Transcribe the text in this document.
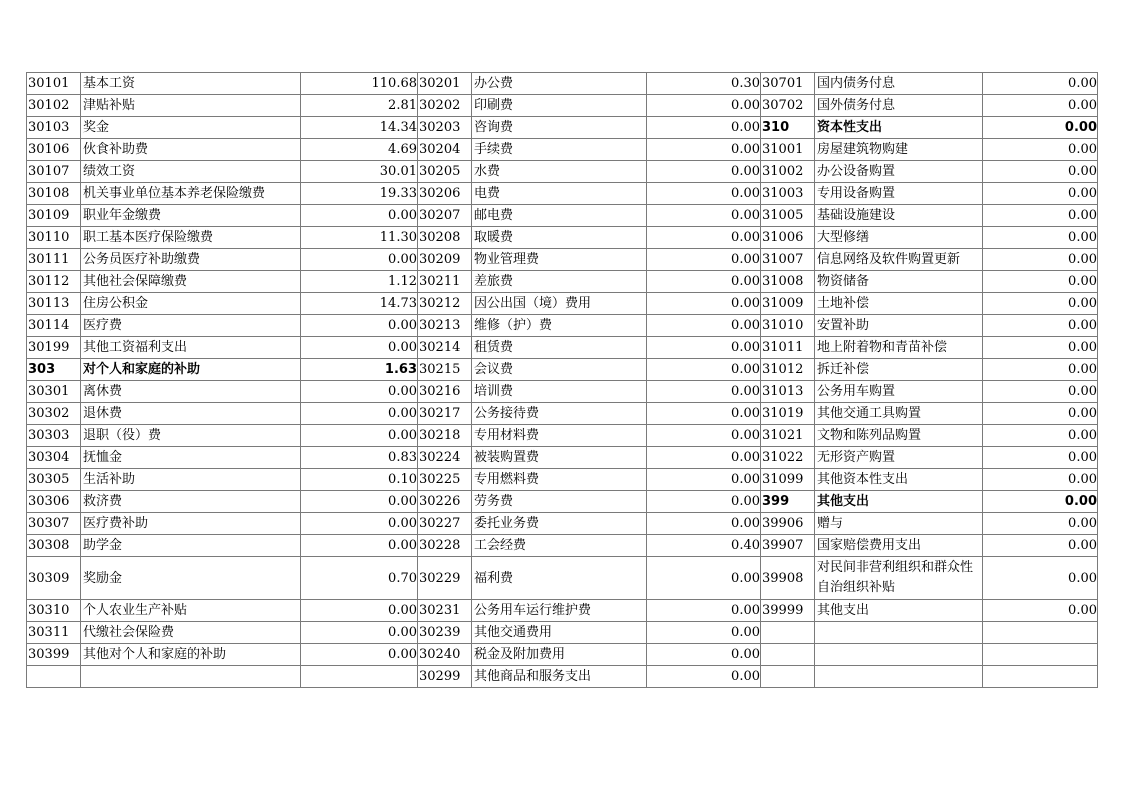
30101	基本工资	110.68	30201	办公费	0.30	30701	国内债务付息	0.00
30102	津贴补贴	2.81	30202	印刷费	0.00	30702	国外债务付息	0.00
30103	奖金	14.34	30203	咨询费	0.00	310	资本性支出	0.00
30106	伙食补助费	4.69	30204	手续费	0.00	31001	房屋建筑物购建	0.00
30107	绩效工资	30.01	30205	水费	0.00	31002	办公设备购置	0.00
30108	机关事业单位基本养老保险缴费	19.33	30206	电费	0.00	31003	专用设备购置	0.00
30109	职业年金缴费	0.00	30207	邮电费	0.00	31005	基础设施建设	0.00
30110	职工基本医疗保险缴费	11.30	30208	取暖费	0.00	31006	大型修缮	0.00
30111	公务员医疗补助缴费	0.00	30209	物业管理费	0.00	31007	信息网络及软件购置更新	0.00
30112	其他社会保障缴费	1.12	30211	差旅费	0.00	31008	物资储备	0.00
30113	住房公积金	14.73	30212	因公出国（境）费用	0.00	31009	土地补偿	0.00
30114	医疗费	0.00	30213	维修（护）费	0.00	31010	安置补助	0.00
30199	其他工资福利支出	0.00	30214	租赁费	0.00	31011	地上附着物和青苗补偿	0.00
303	对个人和家庭的补助	1.63	30215	会议费	0.00	31012	拆迁补偿	0.00
30301	离休费	0.00	30216	培训费	0.00	31013	公务用车购置	0.00
30302	退休费	0.00	30217	公务接待费	0.00	31019	其他交通工具购置	0.00
30303	退职（役）费	0.00	30218	专用材料费	0.00	31021	文物和陈列品购置	0.00
30304	抚恤金	0.83	30224	被装购置费	0.00	31022	无形资产购置	0.00
30305	生活补助	0.10	30225	专用燃料费	0.00	31099	其他资本性支出	0.00
30306	救济费	0.00	30226	劳务费	0.00	399	其他支出	0.00
30307	医疗费补助	0.00	30227	委托业务费	0.00	39906	赠与	0.00
30308	助学金	0.00	30228	工会经费	0.40	39907	国家赔偿费用支出	0.00
30309	奖励金	0.70	30229	福利费	0.00	39908	对民间非营利组织和群众性自治组织补贴	0.00
30310	个人农业生产补贴	0.00	30231	公务用车运行维护费	0.00	39999	其他支出	0.00
30311	代缴社会保险费	0.00	30239	其他交通费用	0.00			
30399	其他对个人和家庭的补助	0.00	30240	税金及附加费用	0.00			
			30299	其他商品和服务支出	0.00			
